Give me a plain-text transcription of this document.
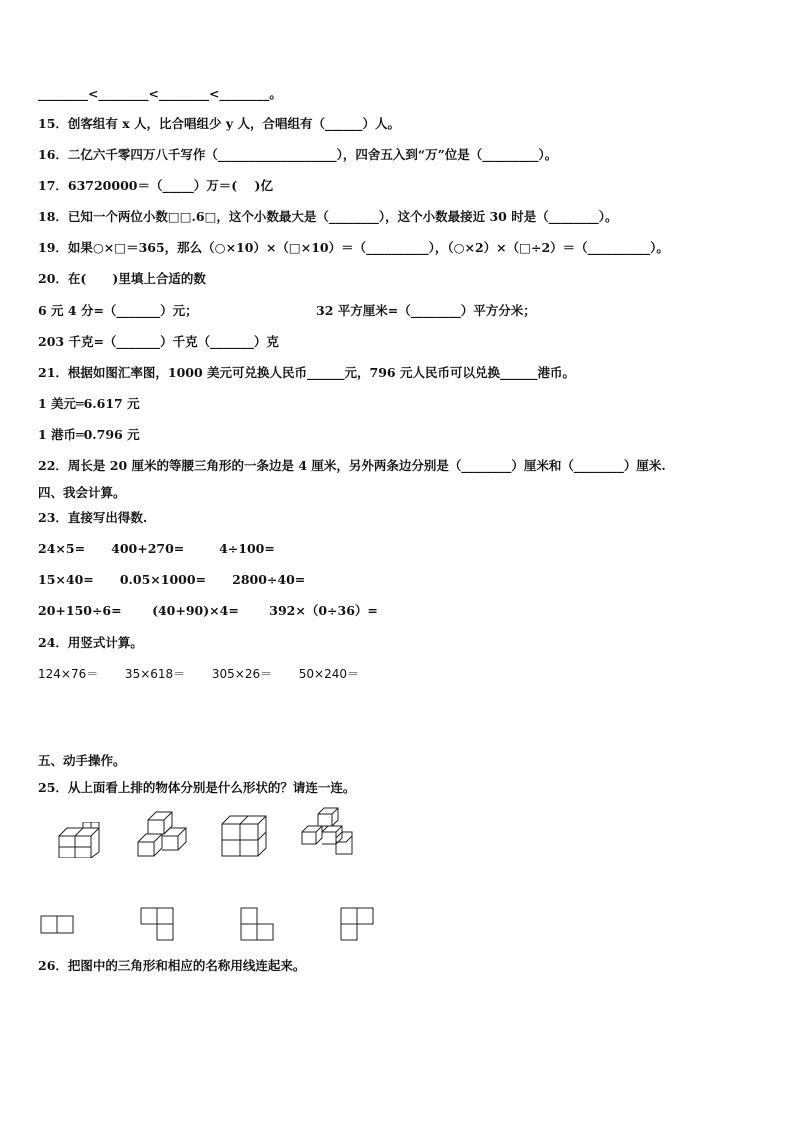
________<________<________<________。
15．创客组有 x 人，比合唱组少 y 人，合唱组有（______）人。
16．二亿六千零四万八千写作（___________________），四舍五入到“万”位是（_________）。
17．63720000＝（_____）万＝(    )亿
18．已知一个两位小数□□.6□，这个小数最大是（________），这个小数最接近 30 时是（________）。
19．如果○×□＝365，那么（○×10）×（□×10）＝（__________），（○×2）×（□÷2）＝（__________）。
20．在(      )里填上合适的数
6 元 4 分=（_______）元；	32 平方厘米=（________）平方分米；
203 千克=（_______）千克（_______）克
21．根据如图汇率图，1000 美元可兑换人民币______元，796 元人民币可以兑换______港币。
1 美元═6.617 元
1 港币═0.796 元
22．周长是 20 厘米的等腰三角形的一条边是 4 厘米，另外两条边分别是（________）厘米和（________）厘米.
四、我会计算。
23．直接写出得数.
24×5=      400+270=        4÷100=
15×40=      0.05×1000=      2800÷40=
20+150÷6=       (40+90)×4=       392×（0÷36）=
24．用竖式计算。
124×76＝       35×618＝       305×26＝       50×240＝
五、动手操作。
25．从上面看上排的物体分别是什么形状的？请连一连。
26．把图中的三角形和相应的名称用线连起来。
